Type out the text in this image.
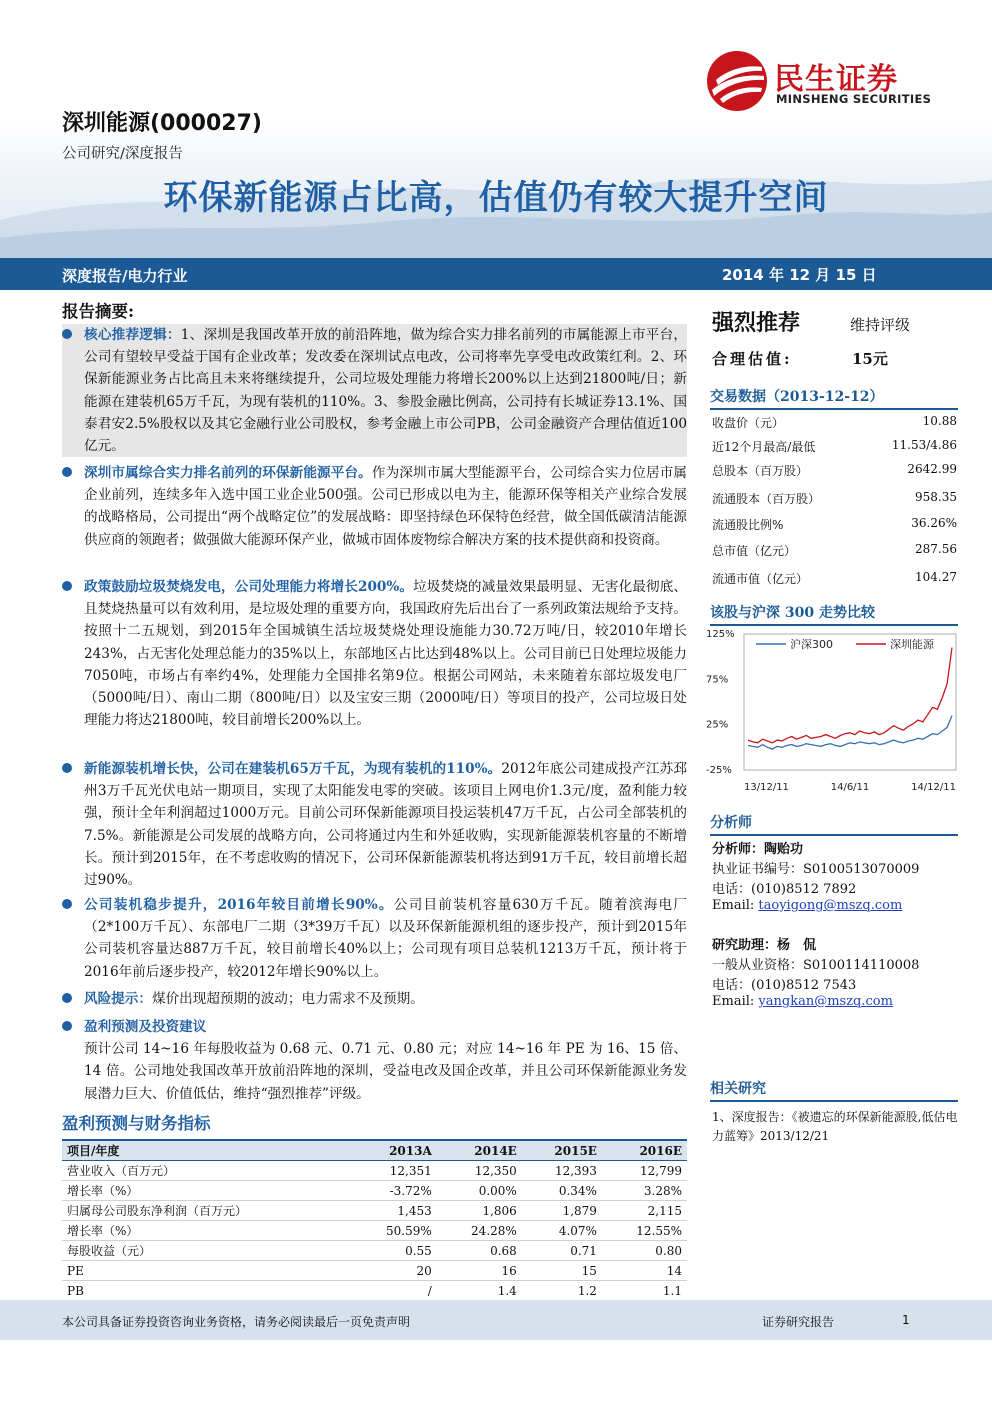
民生证券
MINSHENG SECURITIES
深圳能源(000027)
公司研究/深度报告
环保新能源占比高，估值仍有较大提升空间
深度报告/电力行业	2014 年 12 月 15 日
报告摘要:
核心推荐逻辑：1、深圳是我国改革开放的前沿阵地，做为综合实力排名前列的市属能源上市平台，公司有望较早受益于国有企业改革；发改委在深圳试点电改，公司将率先享受电改政策红利。2、环保新能源业务占比高且未来将继续提升，公司垃圾处理能力将增长200%以上达到21800吨/日；新能源在建装机65万千瓦，为现有装机的110%。3、参股金融比例高，公司持有长城证券13.1%、国泰君安2.5%股权以及其它金融行业公司股权，参考金融上市公司PB，公司金融资产合理估值近100亿元。
深圳市属综合实力排名前列的环保新能源平台。作为深圳市属大型能源平台，公司综合实力位居市属企业前列，连续多年入选中国工业企业500强。公司已形成以电为主，能源环保等相关产业综合发展的战略格局，公司提出“两个战略定位”的发展战略：即坚持绿色环保特色经营，做全国低碳清洁能源供应商的领跑者；做强做大能源环保产业，做城市固体废物综合解决方案的技术提供商和投资商。
政策鼓励垃圾焚烧发电，公司处理能力将增长200%。垃圾焚烧的减量效果最明显、无害化最彻底、且焚烧热量可以有效利用，是垃圾处理的重要方向，我国政府先后出台了一系列政策法规给予支持。按照十二五规划，到2015年全国城镇生活垃圾焚烧处理设施能力30.72万吨/日，较2010年增长243%，占无害化处理总能力的35%以上，东部地区占比达到48%以上。公司目前已日处理垃圾能力7050吨，市场占有率约4%，处理能力全国排名第9位。根据公司网站，未来随着东部垃圾发电厂（5000吨/日）、南山二期（800吨/日）以及宝安三期（2000吨/日）等项目的投产，公司垃圾日处理能力将达21800吨，较目前增长200%以上。
新能源装机增长快，公司在建装机65万千瓦，为现有装机的110%。2012年底公司建成投产江苏邳州3万千瓦光伏电站一期项目，实现了太阳能发电零的突破。该项目上网电价1.3元/度，盈利能力较强，预计全年利润超过1000万元。目前公司环保新能源项目投运装机47万千瓦，占公司全部装机的7.5%。新能源是公司发展的战略方向，公司将通过内生和外延收购，实现新能源装机容量的不断增长。预计到2015年，在不考虑收购的情况下，公司环保新能源装机将达到91万千瓦，较目前增长超过90%。
公司装机稳步提升，2016年较目前增长90%。公司目前装机容量630万千瓦。随着滨海电厂（2*100万千瓦）、东部电厂二期（3*39万千瓦）以及环保新能源机组的逐步投产，预计到2015年公司装机容量达887万千瓦，较目前增长40%以上；公司现有项目总装机1213万千瓦，预计将于2016年前后逐步投产，较2012年增长90%以上。
风险提示：煤价出现超预期的波动；电力需求不及预期。
盈利预测及投资建议
预计公司 14~16 年每股收益为 0.68 元、0.71 元、0.80 元；对应 14~16 年 PE 为 16、15 倍、14 倍。公司地处我国改革开放前沿阵地的深圳，受益电改及国企改革，并且公司环保新能源业务发展潜力巨大、价值低估，维持“强烈推荐”评级。
盈利预测与财务指标
项目/年度	2013A	2014E	2015E	2016E
营业收入（百万元）	12,351	12,350	12,393	12,799
增长率（%）	-3.72%	0.00%	0.34%	3.28%
归属母公司股东净利润（百万元）	1,453	1,806	1,879	2,115
增长率（%）	50.59%	24.28%	4.07%	12.55%
每股收益（元）	0.55	0.68	0.71	0.80
PE	20	16	15	14
PB	/	1.4	1.2	1.1
强烈推荐	维持评级
合理估值:	15元
交易数据（2013-12-12）
收盘价（元）	10.88
近12个月最高/最低	11.53/4.86
总股本（百万股）	2642.99
流通股本（百万股）	958.35
流通股比例%	36.26%
总市值（亿元）	287.56
流通市值（亿元）	104.27
该股与沪深 300 走势比较
125%
75%
25%
-25%
13/12/11	14/6/11	14/12/11
沪深300	深圳能源
分析师
分析师：陶贻功
执业证书编号：S0100513070009
电话：(010)8512 7892
Email: taoyigong@mszq.com
研究助理：杨　侃
一般从业资格：S0100114110008
电话：(010)8512 7543
Email: yangkan@mszq.com
相关研究
1、深度报告：《被遗忘的环保新能源股,低估电力蓝筹》2013/12/21
本公司具备证券投资咨询业务资格，请务必阅读最后一页免责声明	证券研究报告	1
